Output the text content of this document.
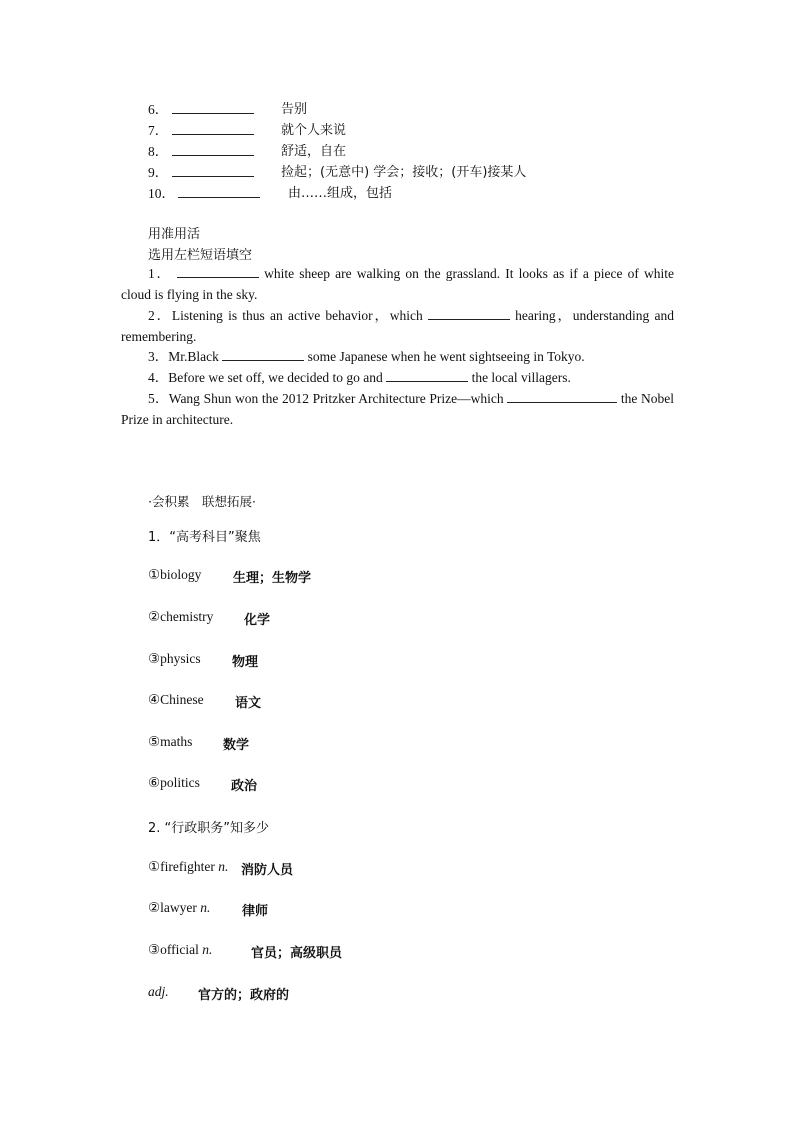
6．	告别
7．	就个人来说
8．	舒适，自在
9．	捡起；(无意中) 学会；接收；(开车)接某人
10．	由……组成，包括
用准用活
选用左栏短语填空
1．	white sheep are walking on the grassland. It looks as if a piece of white cloud is flying in the sky.
2．Listening is thus an active behavior，which	hearing，understanding and remembering.
3．Mr.Black	some Japanese when he went sightseeing in Tokyo.
4．Before we set off, we decided to go and	the local villagers.
5．Wang Shun won the 2012 Pritzker Architecture Prize—which	the Nobel Prize in architecture.
·会积累　联想拓展·
1．“高考科目”聚焦
①biology 生理；生物学
②chemistry 化学
③physics 物理
④Chinese 语文
⑤maths 数学
⑥politics 政治
2. “行政职务”知多少
①firefighter n. 消防人员
②lawyer n. 律师
③official n.	官员；高级职员
adj. 官方的；政府的
